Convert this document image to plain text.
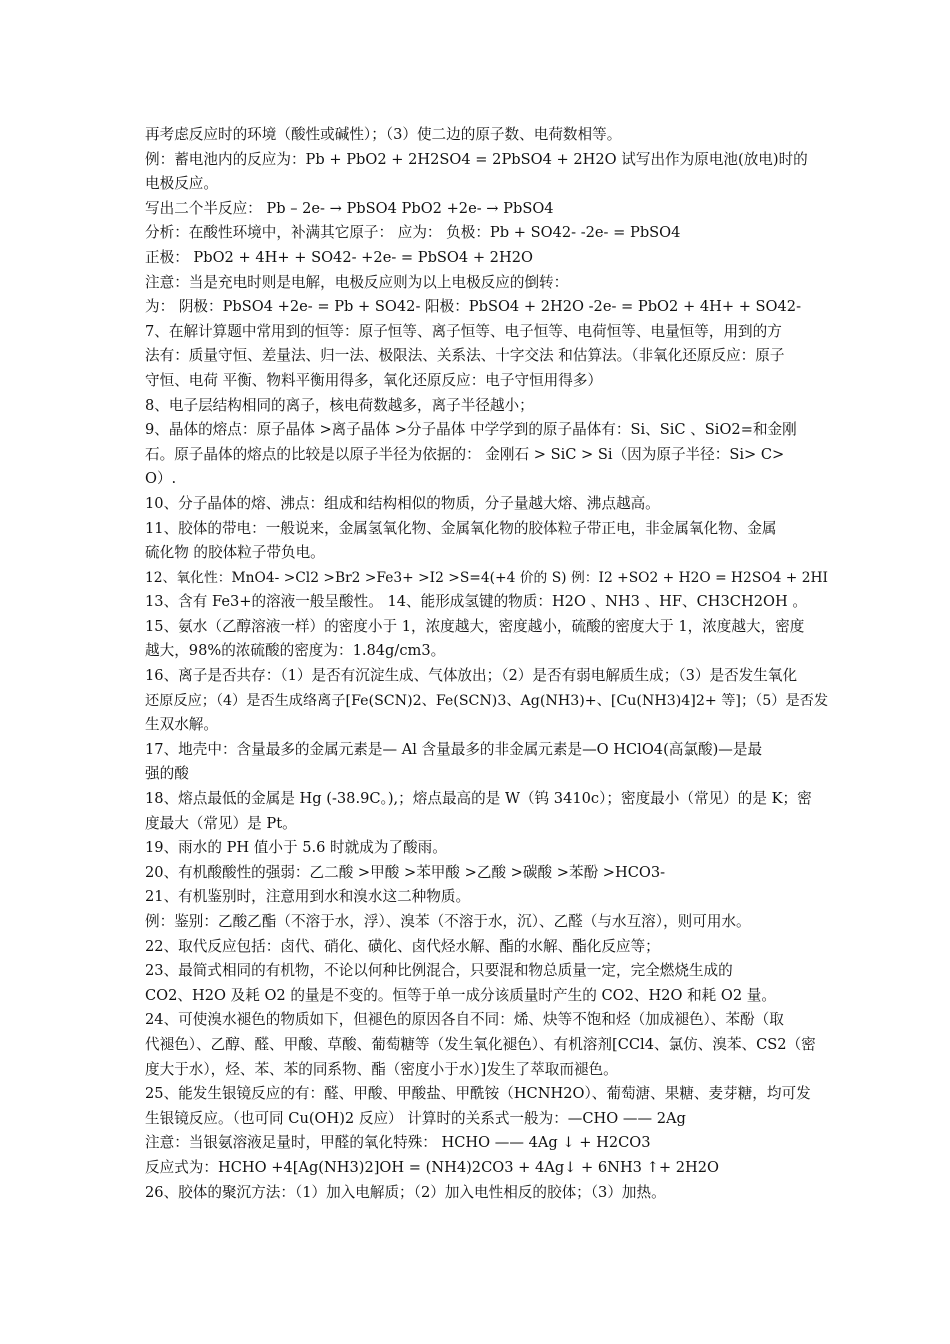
再考虑反应时的环境（酸性或碱性）；（3）使二边的原子数、电荷数相等。
例：蓄电池内的反应为：Pb + PbO2 + 2H2SO4 = 2PbSO4 + 2H2O 试写出作为原电池(放电)时的
电极反应。
写出二个半反应： Pb – 2e- → PbSO4 PbO2 +2e- → PbSO4
分析：在酸性环境中，补满其它原子： 应为： 负极：Pb + SO42- -2e- = PbSO4
正极： PbO2 + 4H+ + SO42- +2e- = PbSO4 + 2H2O
注意：当是充电时则是电解，电极反应则为以上电极反应的倒转：
为： 阴极：PbSO4 +2e- = Pb + SO42- 阳极：PbSO4 + 2H2O -2e- = PbO2 + 4H+ + SO42-
7、在解计算题中常用到的恒等：原子恒等、离子恒等、电子恒等、电荷恒等、电量恒等，用到的方
法有：质量守恒、差量法、归一法、极限法、关系法、十字交法 和估算法。（非氧化还原反应：原子
守恒、电荷 平衡、物料平衡用得多，氧化还原反应：电子守恒用得多）
8、电子层结构相同的离子，核电荷数越多，离子半径越小；
9、晶体的熔点：原子晶体 >离子晶体 >分子晶体 中学学到的原子晶体有：Si、SiC 、SiO2=和金刚
石。原子晶体的熔点的比较是以原子半径为依据的： 金刚石 > SiC > Si（因为原子半径：Si> C>
O）.
10、分子晶体的熔、沸点：组成和结构相似的物质，分子量越大熔、沸点越高。
11、胶体的带电：一般说来，金属氢氧化物、金属氧化物的胶体粒子带正电，非金属氧化物、金属
硫化物 的胶体粒子带负电。
12、氧化性：MnO4- >Cl2 >Br2 >Fe3+ >I2 >S=4(+4 价的 S) 例：I2 +SO2 + H2O = H2SO4 + 2HI
13、含有 Fe3+的溶液一般呈酸性。 14、能形成氢键的物质：H2O 、NH3 、HF、CH3CH2OH 。
15、氨水（乙醇溶液一样）的密度小于 1，浓度越大，密度越小，硫酸的密度大于 1，浓度越大，密度
越大，98%的浓硫酸的密度为：1.84g/cm3。
16、离子是否共存：（1）是否有沉淀生成、气体放出；（2）是否有弱电解质生成；（3）是否发生氧化
还原反应；（4）是否生成络离子[Fe(SCN)2、Fe(SCN)3、Ag(NH3)+、[Cu(NH3)4]2+ 等]；（5）是否发
生双水解。
17、地壳中：含量最多的金属元素是— Al 含量最多的非金属元素是—O HClO4(高氯酸)—是最
强的酸
18、熔点最低的金属是 Hg (-38.9C。),；熔点最高的是 W（钨 3410c）；密度最小（常见）的是 K；密
度最大（常见）是 Pt。
19、雨水的 PH 值小于 5.6 时就成为了酸雨。
20、有机酸酸性的强弱：乙二酸 >甲酸 >苯甲酸 >乙酸 >碳酸 >苯酚 >HCO3-
21、有机鉴别时，注意用到水和溴水这二种物质。
例：鉴别：乙酸乙酯（不溶于水，浮）、溴苯（不溶于水，沉）、乙醛（与水互溶），则可用水。
22、取代反应包括：卤代、硝化、磺化、卤代烃水解、酯的水解、酯化反应等；
23、最简式相同的有机物，不论以何种比例混合，只要混和物总质量一定，完全燃烧生成的
CO2、H2O 及耗 O2 的量是不变的。恒等于单一成分该质量时产生的 CO2、H2O 和耗 O2 量。
24、可使溴水褪色的物质如下，但褪色的原因各自不同：烯、炔等不饱和烃（加成褪色）、苯酚（取
代褪色）、乙醇、醛、甲酸、草酸、葡萄糖等（发生氧化褪色）、有机溶剂[CCl4、氯仿、溴苯、CS2（密
度大于水），烃、苯、苯的同系物、酯（密度小于水）]发生了萃取而褪色。
25、能发生银镜反应的有：醛、甲酸、甲酸盐、甲酰铵（HCNH2O）、葡萄溏、果糖、麦芽糖，均可发
生银镜反应。（也可同 Cu(OH)2 反应） 计算时的关系式一般为：—CHO —— 2Ag
注意：当银氨溶液足量时，甲醛的氧化特殊： HCHO —— 4Ag ↓ + H2CO3
反应式为：HCHO +4[Ag(NH3)2]OH = (NH4)2CO3 + 4Ag↓ + 6NH3 ↑+ 2H2O
26、胶体的聚沉方法：（1）加入电解质；（2）加入电性相反的胶体；（3）加热。
